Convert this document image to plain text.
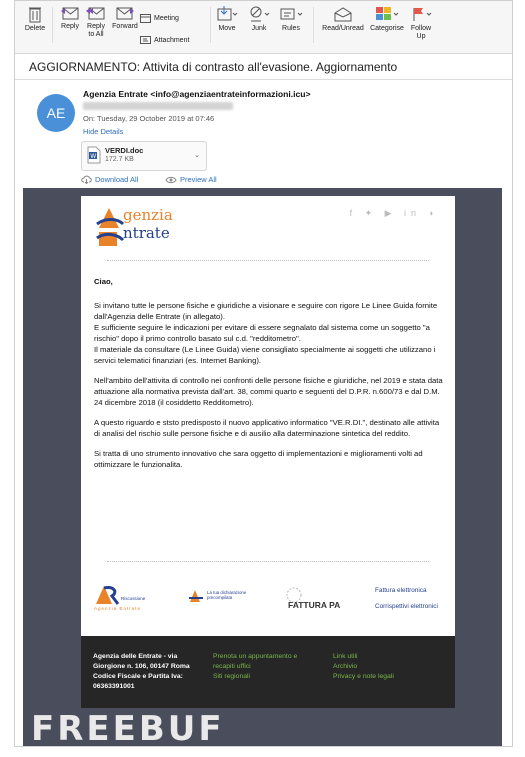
Delete Reply	Reply
to All
Forward
Meeting
Attachment
Move	Junk	Rules	Read/Unread Categorise Follow
Up
AGGIORNAMENTO: Attivita di contrasto all'evasione. Aggiornamento
AE
Agenzia Entrate <info@agenziaentrateinformazioni.icu>
On: Tuesday, 29 October 2019 at 07:46
Hide Details
W
VERDI.doc
172.7 KB
⌄
Download All	Preview All
genzia
ntrate
f ✦ ▶ in ◗

Ciao,

Si invitano tutte le persone fisiche e giuridiche a visionare e seguire con rigore Le Linee Guida fornite dall'Agenzia delle Entrate (in allegato).

E sufficiente seguire le indicazioni per evitare di essere segnalato dal sistema come un soggetto "a rischio" dopo il primo controllo basato sul c.d. "redditometro".

Il materiale da consultare (Le Linee Guida) viene consigliato specialmente ai soggetti che utilizzano i servici telematici finanziari (es. Internet Banking).

Nell'ambito dell'attivita di controllo nei confronti delle persone fisiche e giuridiche, nel 2019 e stata data attuazione alla normativa prevista dall'art. 38, commi quarto e seguenti del D.P.R. n.600/73 e dal D.M. 24 dicembre 2018 (il cosiddetto Redditometro).

A questo riguardo e ststo predisposto il nuovo applicativo informatico "VE.R.DI.", destinato alle attivita di analisi del rischio sulle persone fisiche e di ausilio alla daterminazione sintetica del reddito.

Si tratta di uno strumento innovativo che sara oggetto di implementazioni e miglioramenti volti ad ottimizzare le funzionalita.

Riscossione
Agenzia Entrate
La tua dichiarazione precompilata
FATTURA PA
Fattura elettronica
Corrispettivi elettronici
Agenzia delle Entrate - via
Giorgione n. 106, 00147 Roma
Codice Fiscale e Partita Iva:
06363391001
Prenota un appuntamento e
recapiti uffici
Siti regionali
Link utili
Archivio
Privacy e note legali
FREEBUF
